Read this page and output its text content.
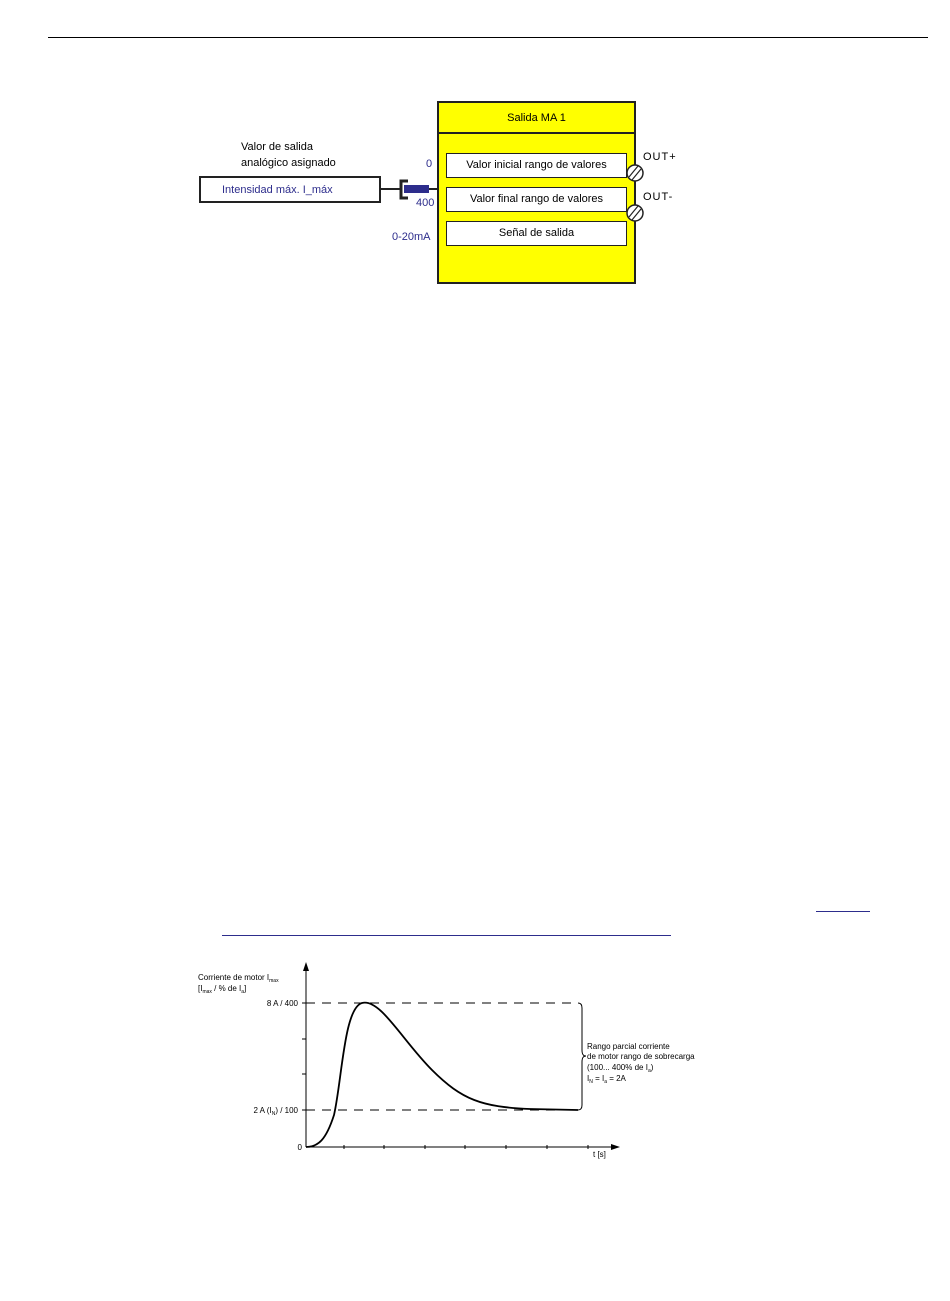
Valor de salida
analógico asignado
Intensidad máx. I_máx
0
400
0-20mA
Salida MA 1
Valor inicial rango de valores
Valor final rango de valores
Señal de salida
OUT+
OUT-
Corriente de motor $I_{max}$
[$I_{max}$ / % de $I_a$]
8 A / 400
2 A $(I_N) / 100$
0
t [s]
Rango parcial corriente
de motor rango de sobrecarga
(100... 400% de $I_a$)
$I_N = I_a = 2A$
